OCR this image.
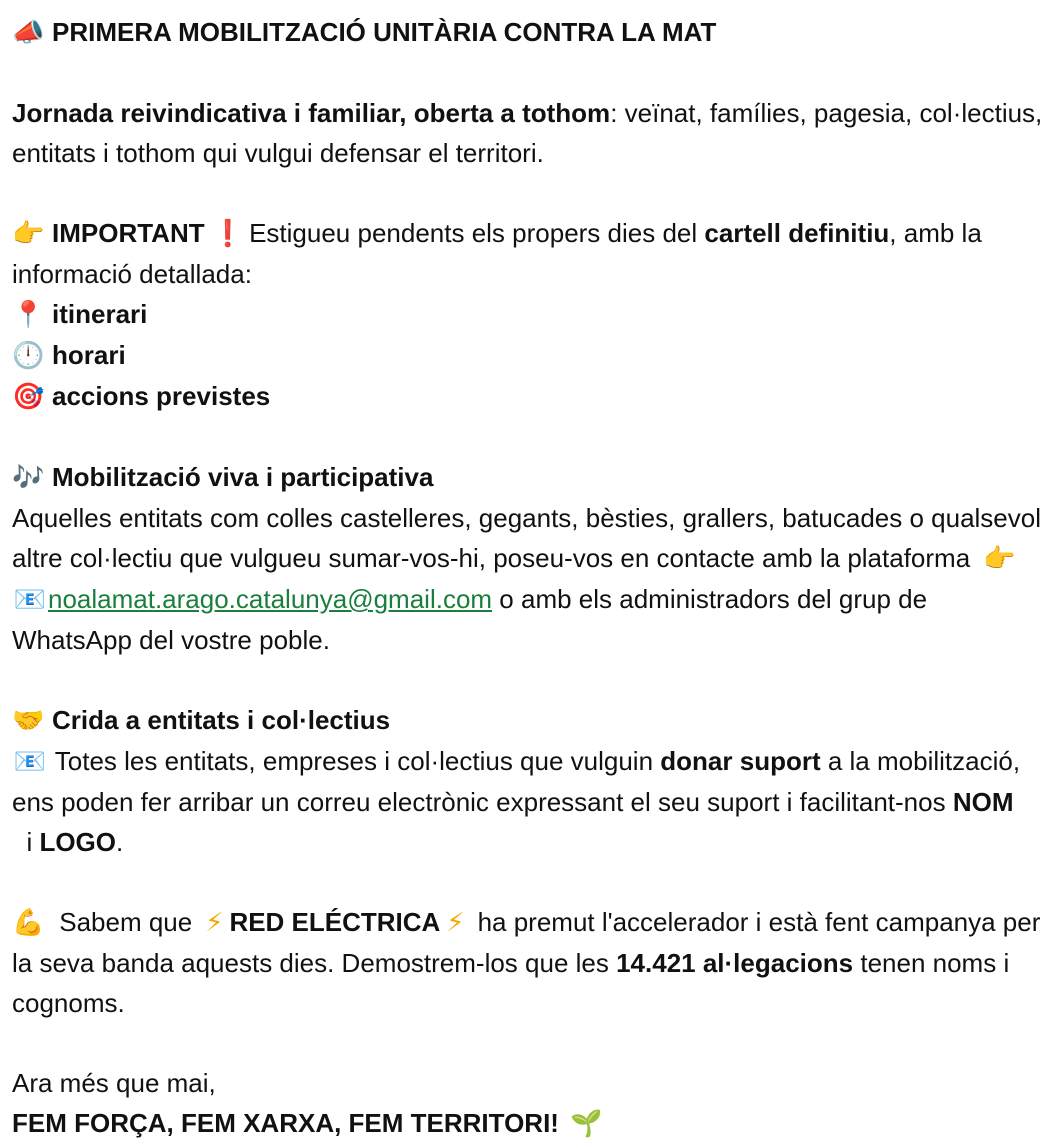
📣 PRIMERA MOBILITZACIÓ UNITÀRIA CONTRA LA MAT

Jornada reivindicativa i familiar, oberta a tothom: veïnat, famílies, pagesia, col·lectius, entitats i tothom qui vulgui defensar el territori.

👉 IMPORTANT ❗ Estigueu pendents els propers dies del cartell definitiu, amb la informació detallada:

📍 itinerari

🕛 horari

🎯 accions previstes

🎶 Mobilització viva i participativa

Aquelles entitats com colles castelleres, gegants, bèsties, grallers, batucades o qualsevol altre col·lectiu que vulgueu sumar-vos-hi, poseu-vos en contacte amb la plataforma 👉 📧noalamat.arago.catalunya@gmail.com o amb els administradors del grup de WhatsApp del vostre poble.

🤝 Crida a entitats i col·lectius

📧 Totes les entitats, empreses i col·lectius que vulguin donar suport a la mobilització, ens poden fer arribar un correu electrònic expressant el seu suport i facilitant-nos NOM  i LOGO.

💪 Sabem que ⚡ RED ELÉCTRICA ⚡ ha premut l'accelerador i està fent campanya per la seva banda aquests dies. Demostrem-los que les 14.421 al·legacions tenen noms i cognoms.

Ara més que mai,

FEM FORÇA, FEM XARXA, FEM TERRITORI! 🌱
